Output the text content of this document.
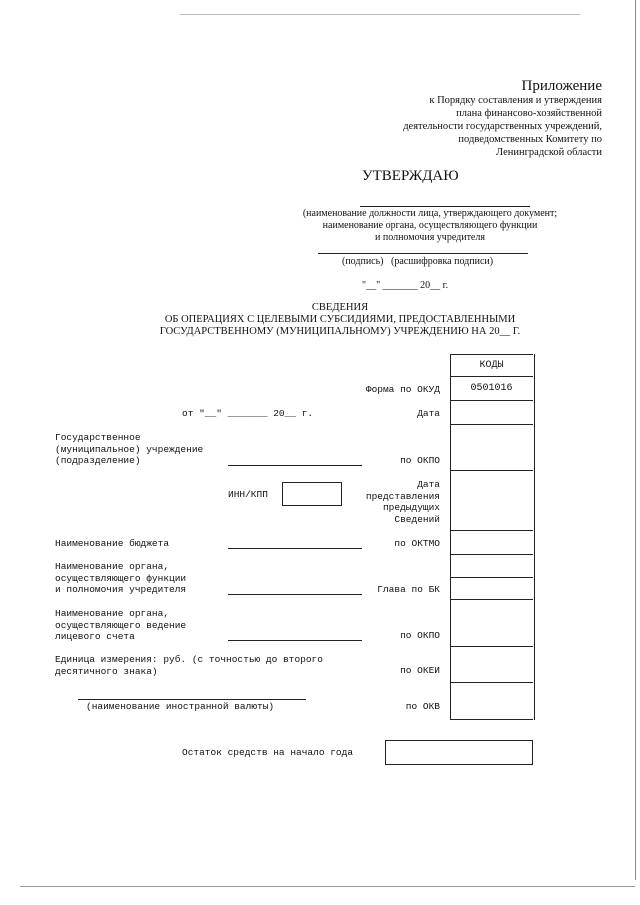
Приложение
к Порядку составления и утверждения
плана финансово-хозяйственной
деятельности государственных учреждений,
подведомственных Комитету по
Ленинградской области
УТВЕРЖДАЮ
(наименование должности лица, утверждающего документ;
наименование органа, осуществляющего функции
и полномочия учредителя
(подпись)   (расшифровка подписи)
"__" _______ 20__ г.
СВЕДЕНИЯ
ОБ ОПЕРАЦИЯХ С ЦЕЛЕВЫМИ СУБСИДИЯМИ, ПРЕДОСТАВЛЕННЫМИ
ГОСУДАРСТВЕННОМУ (МУНИЦИПАЛЬНОМУ) УЧРЕЖДЕНИЮ НА 20__ Г.
КОДЫ
0501016
Форма по ОКУД
от "__" _______ 20__ г.	Дата
Государственное
(муниципальное) учреждение
(подразделение)	по ОКПО
ИНН/КПП
Дата
представления
предыдущих
Сведений
Наименование бюджета	по ОКТМО
Наименование органа,
осуществляющего функции
и полномочия учредителя	Глава по БК
Наименование органа,
осуществляющего ведение
лицевого счета	по ОКПО
Единица измерения: руб. (с точностью до второго
десятичного знака)	по ОКЕИ
(наименование иностранной валюты)	по ОКВ
Остаток средств на начало года
